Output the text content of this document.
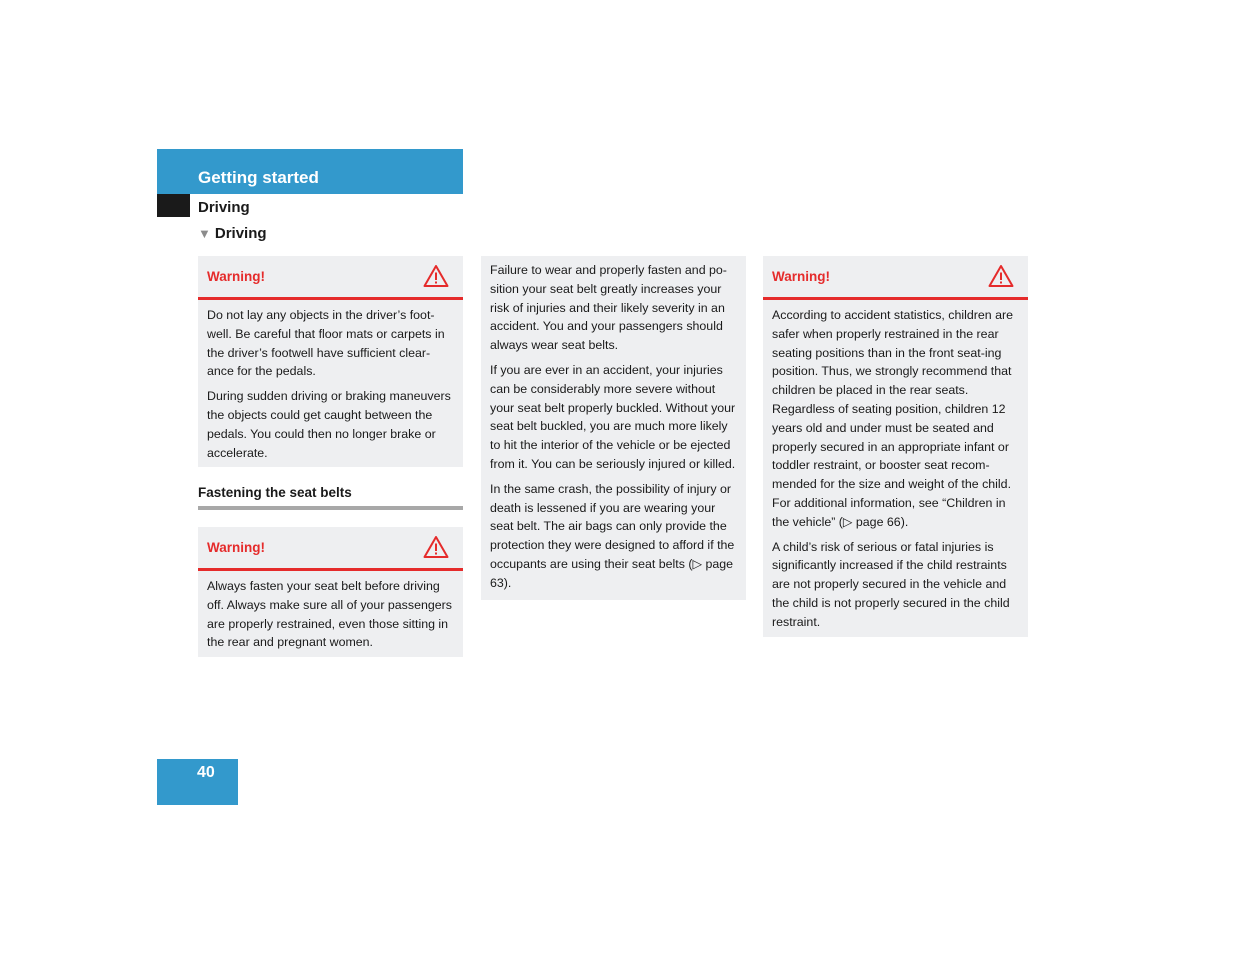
Getting started
Driving
▼ Driving
Warning!

Do not lay any objects in the driver’s foot-well. Be careful that floor mats or carpets in the driver’s footwell have sufficient clear-ance for the pedals.

During sudden driving or braking maneuvers the objects could get caught between the pedals. You could then no longer brake or accelerate.

Fastening the seat belts
Warning!

Always fasten your seat belt before driving off. Always make sure all of your passengers are properly restrained, even those sitting in the rear and pregnant women.

Failure to wear and properly fasten and po-sition your seat belt greatly increases your risk of injuries and their likely severity in an accident. You and your passengers should always wear seat belts.

If you are ever in an accident, your injuries can be considerably more severe without your seat belt properly buckled. Without your seat belt buckled, you are much more likely to hit the interior of the vehicle or be ejected from it. You can be seriously injured or killed.

In the same crash, the possibility of injury or death is lessened if you are wearing your seat belt. The air bags can only provide the protection they were designed to afford if the occupants are using their seat belts (▷ page 63).

Warning!

According to accident statistics, children are safer when properly restrained in the rear seating positions than in the front seat-ing position. Thus, we strongly recommend that children be placed in the rear seats. Regardless of seating position, children 12 years old and under must be seated and properly secured in an appropriate infant or toddler restraint, or booster seat recom-mended for the size and weight of the child. For additional information, see “Children in the vehicle” (▷ page 66).

A child’s risk of serious or fatal injuries is significantly increased if the child restraints are not properly secured in the vehicle and the child is not properly secured in the child restraint.

40
